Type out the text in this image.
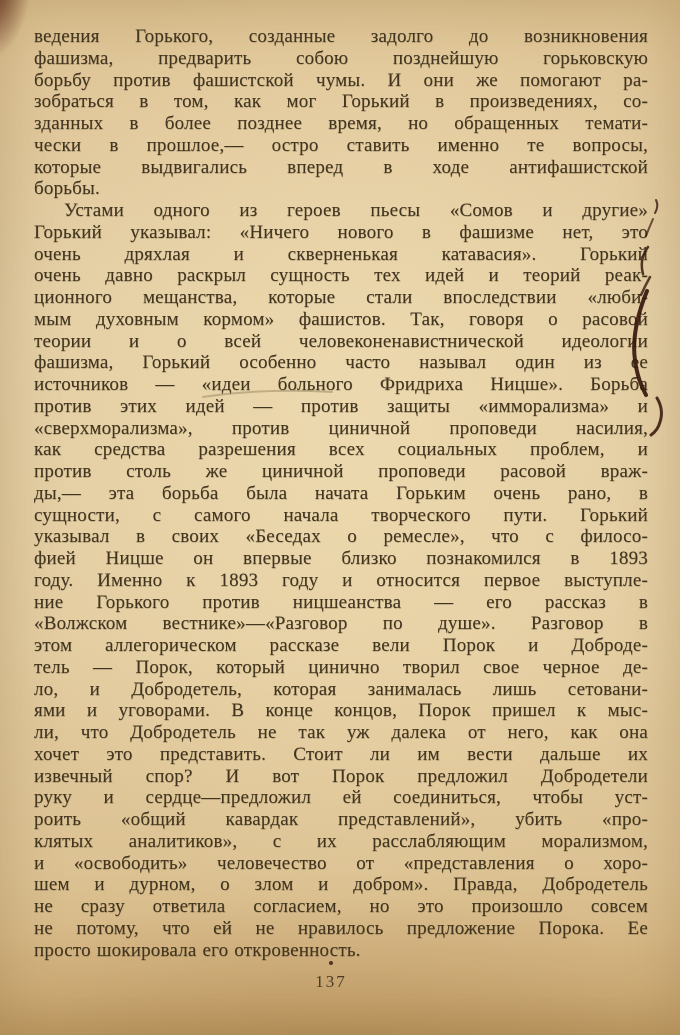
ведения Горького, созданные задолго до возникновения
фашизма, предварить собою позднейшую горьковскую
борьбу против фашистской чумы. И они же помогают ра-
зобраться в том, как мог Горький в произведениях, со-
зданных в более позднее время, но обращенных темати-
чески в прошлое,— остро ставить именно те вопросы,
которые выдвигались вперед в ходе антифашистской
борьбы.
Устами одного из героев пьесы «Сомов и другие»
Горький указывал: «Ничего нового в фашизме нет, это
очень дряхлая и скверненькая катавасия». Горький
очень давно раскрыл сущность тех идей и теорий реак-
ционного мещанства, которые стали впоследствии «люби-
мым духовным кормом» фашистов. Так, говоря о расовой
теории и о всей человеконенавистнической идеологии
фашизма, Горький особенно часто называл один из ее
источников — «идеи больного Фридриха Ницше». Борьба
против этих идей — против защиты «имморализма» и
«сверхморализма», против циничной проповеди насилия,
как средства разрешения всех социальных проблем, и
против столь же циничной проповеди расовой враж-
ды,— эта борьба была начата Горьким очень рано, в
сущности, с самого начала творческого пути. Горький
указывал в своих «Беседах о ремесле», что с филосо-
фией Ницше он впервые близко познакомился в 1893
году. Именно к 1893 году и относится первое выступле-
ние Горького против ницшеанства — его рассказ в
«Волжском вестнике»—«Разговор по душе». Разговор в
этом аллегорическом рассказе вели Порок и Доброде-
тель — Порок, который цинично творил свое черное де-
ло, и Добродетель, которая занималась лишь сетовани-
ями и уговорами. В конце концов, Порок пришел к мыс-
ли, что Добродетель не так уж далека от него, как она
хочет это представить. Стоит ли им вести дальше их
извечный спор? И вот Порок предложил Добродетели
руку и сердце—предложил ей соединиться, чтобы уст-
роить «общий кавардак представлений», убить «про-
клятых аналитиков», с их расслабляющим морализмом,
и «освободить» человечество от «представления о хоро-
шем и дурном, о злом и добром». Правда, Добродетель
не сразу ответила согласием, но это произошло совсем
не потому, что ей не нравилось предложение Порока. Ее
просто шокировала его откровенность.
137
